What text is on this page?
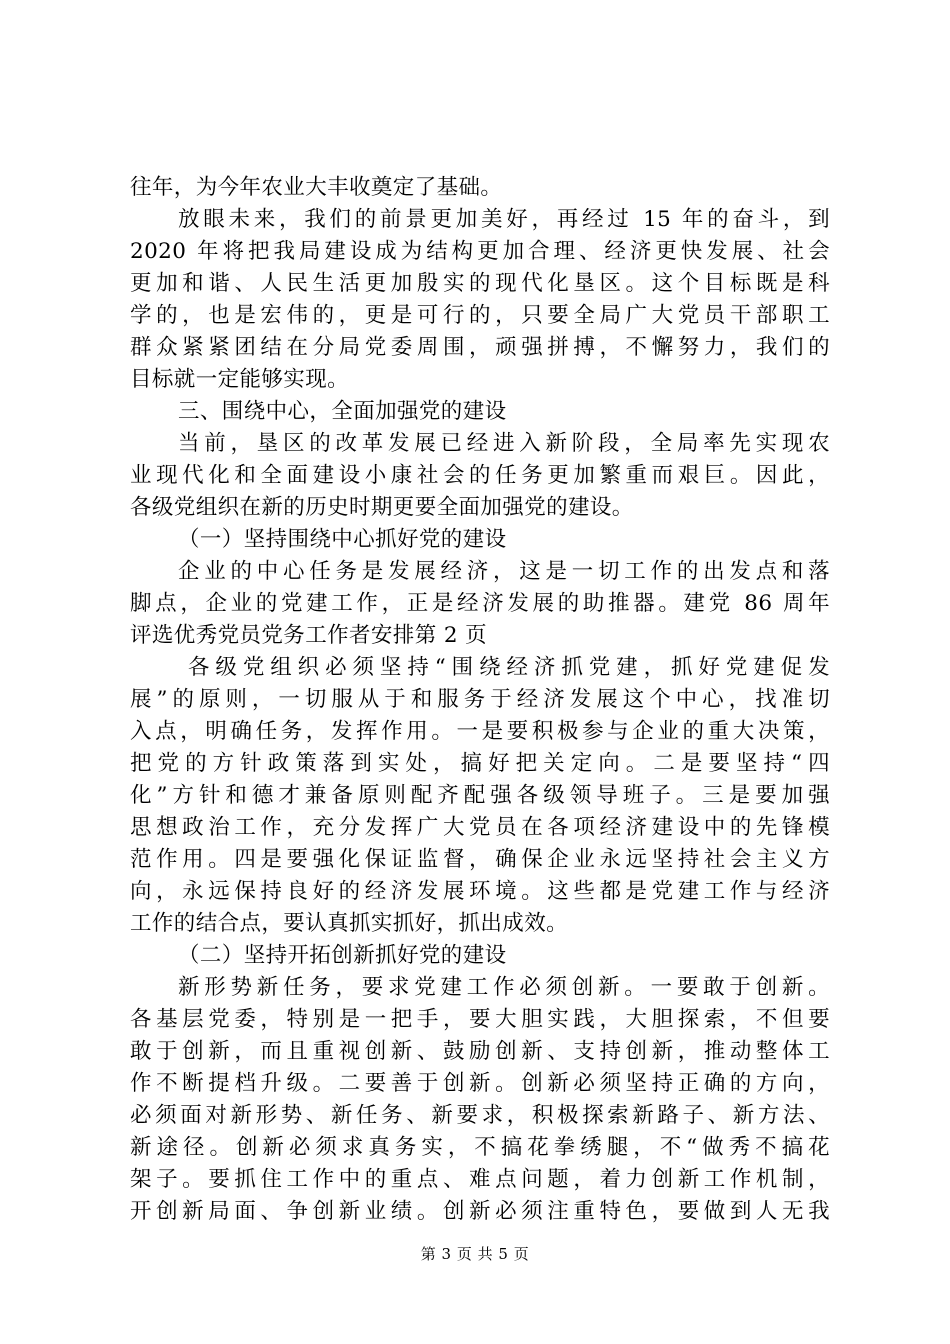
往年，为今年农业大丰收奠定了基础。
放眼未来，我们的前景更加美好，再经过 15 年的奋斗，到
2020 年将把我局建设成为结构更加合理、经济更快发展、社会
更加和谐、人民生活更加殷实的现代化垦区。这个目标既是科
学的，也是宏伟的，更是可行的，只要全局广大党员干部职工
群众紧紧团结在分局党委周围，顽强拼搏，不懈努力，我们的
目标就一定能够实现。
三、围绕中心，全面加强党的建设
当前，垦区的改革发展已经进入新阶段，全局率先实现农
业现代化和全面建设小康社会的任务更加繁重而艰巨。因此，
各级党组织在新的历史时期更要全面加强党的建设。
（一）坚持围绕中心抓好党的建设
企业的中心任务是发展经济，这是一切工作的出发点和落
脚点，企业的党建工作，正是经济发展的助推器。建党 86 周年
评选优秀党员党务工作者安排第 2 页
各级党组织必须坚持“围绕经济抓党建，抓好党建促发
展”的原则，一切服从于和服务于经济发展这个中心，找准切
入点，明确任务，发挥作用。一是要积极参与企业的重大决策，
把党的方针政策落到实处，搞好把关定向。二是要坚持“四
化”方针和德才兼备原则配齐配强各级领导班子。三是要加强
思想政治工作，充分发挥广大党员在各项经济建设中的先锋模
范作用。四是要强化保证监督，确保企业永远坚持社会主义方
向，永远保持良好的经济发展环境。这些都是党建工作与经济
工作的结合点，要认真抓实抓好，抓出成效。
（二）坚持开拓创新抓好党的建设
新形势新任务，要求党建工作必须创新。一要敢于创新。
各基层党委，特别是一把手，要大胆实践，大胆探索，不但要
敢于创新，而且重视创新、鼓励创新、支持创新，推动整体工
作不断提档升级。二要善于创新。创新必须坚持正确的方向，
必须面对新形势、新任务、新要求，积极探索新路子、新方法、
新途径。创新必须求真务实，不搞花拳绣腿，不“做秀不搞花
架子。要抓住工作中的重点、难点问题，着力创新工作机制，
开创新局面、争创新业绩。创新必须注重特色，要做到人无我
第 3 页 共 5 页
